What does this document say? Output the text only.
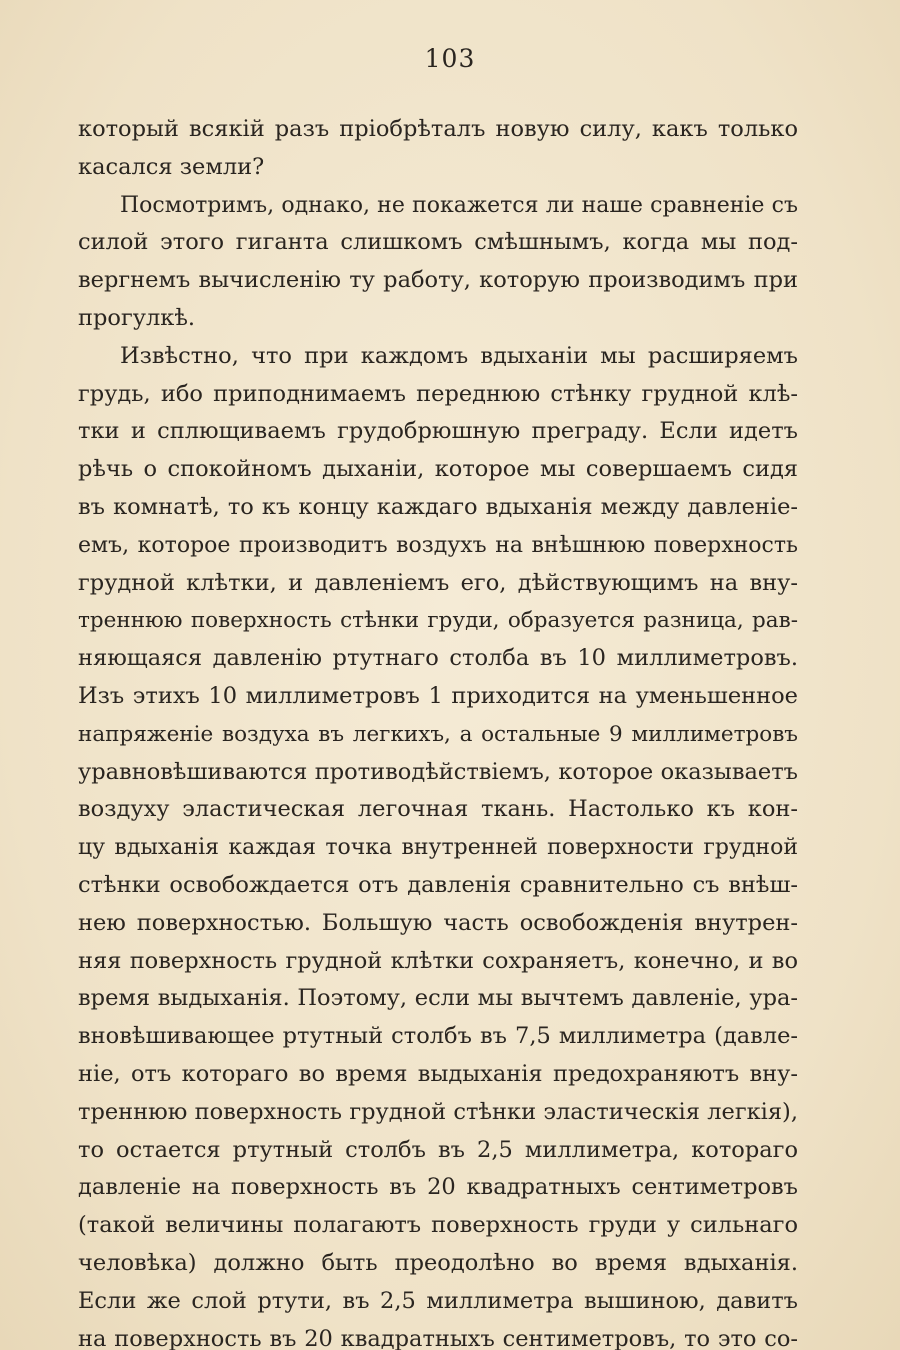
103
который всякій разъ пріобрѣталъ новую силу, какъ только
касался земли?
Посмотримъ, однако, не покажется ли наше сравненіе съ
силой этого гиганта слишкомъ смѣшнымъ, когда мы под-
вергнемъ вычисленію ту работу, которую производимъ при
прогулкѣ.
Извѣстно, что при каждомъ вдыханіи мы расширяемъ
грудь, ибо приподнимаемъ переднюю стѣнку грудной клѣ-
тки и сплющиваемъ грудобрюшную преграду. Если идетъ
рѣчь о спокойномъ дыханіи, которое мы совершаемъ сидя
въ комнатѣ, то къ концу каждаго вдыханія между давленіе-
емъ, которое производитъ воздухъ на внѣшнюю поверхность
грудной клѣтки, и давленіемъ его, дѣйствующимъ на вну-
треннюю поверхность стѣнки груди, образуется разница, рав-
няющаяся давленію ртутнаго столба въ 10 миллиметровъ.
Изъ этихъ 10 миллиметровъ 1 приходится на уменьшенное
напряженіе воздуха въ легкихъ, а остальные 9 миллиметровъ
уравновѣшиваются противодѣйствіемъ, которое оказываетъ
воздуху эластическая легочная ткань. Настолько къ кон-
цу вдыханія каждая точка внутренней поверхности грудной
стѣнки освобождается отъ давленія сравнительно съ внѣш-
нею поверхностью. Большую часть освобожденія внутрен-
няя поверхность грудной клѣтки сохраняетъ, конечно, и во
время выдыханія. Поэтому, если мы вычтемъ давленіе, ура-
вновѣшивающее ртутный столбъ въ 7,5 миллиметра (давле-
ніе, отъ котораго во время выдыханія предохраняютъ вну-
треннюю поверхность грудной стѣнки эластическія легкія),
то остается ртутный столбъ въ 2,5 миллиметра, котораго
давленіе на поверхность въ 20 квадратныхъ сентиметровъ
(такой величины полагаютъ поверхность груди у сильнаго
человѣка) должно быть преодолѣно во время вдыханія.
Если же слой ртути, въ 2,5 миллиметра вышиною, давитъ
на поверхность въ 20 квадратныхъ сентиметровъ, то это со-
